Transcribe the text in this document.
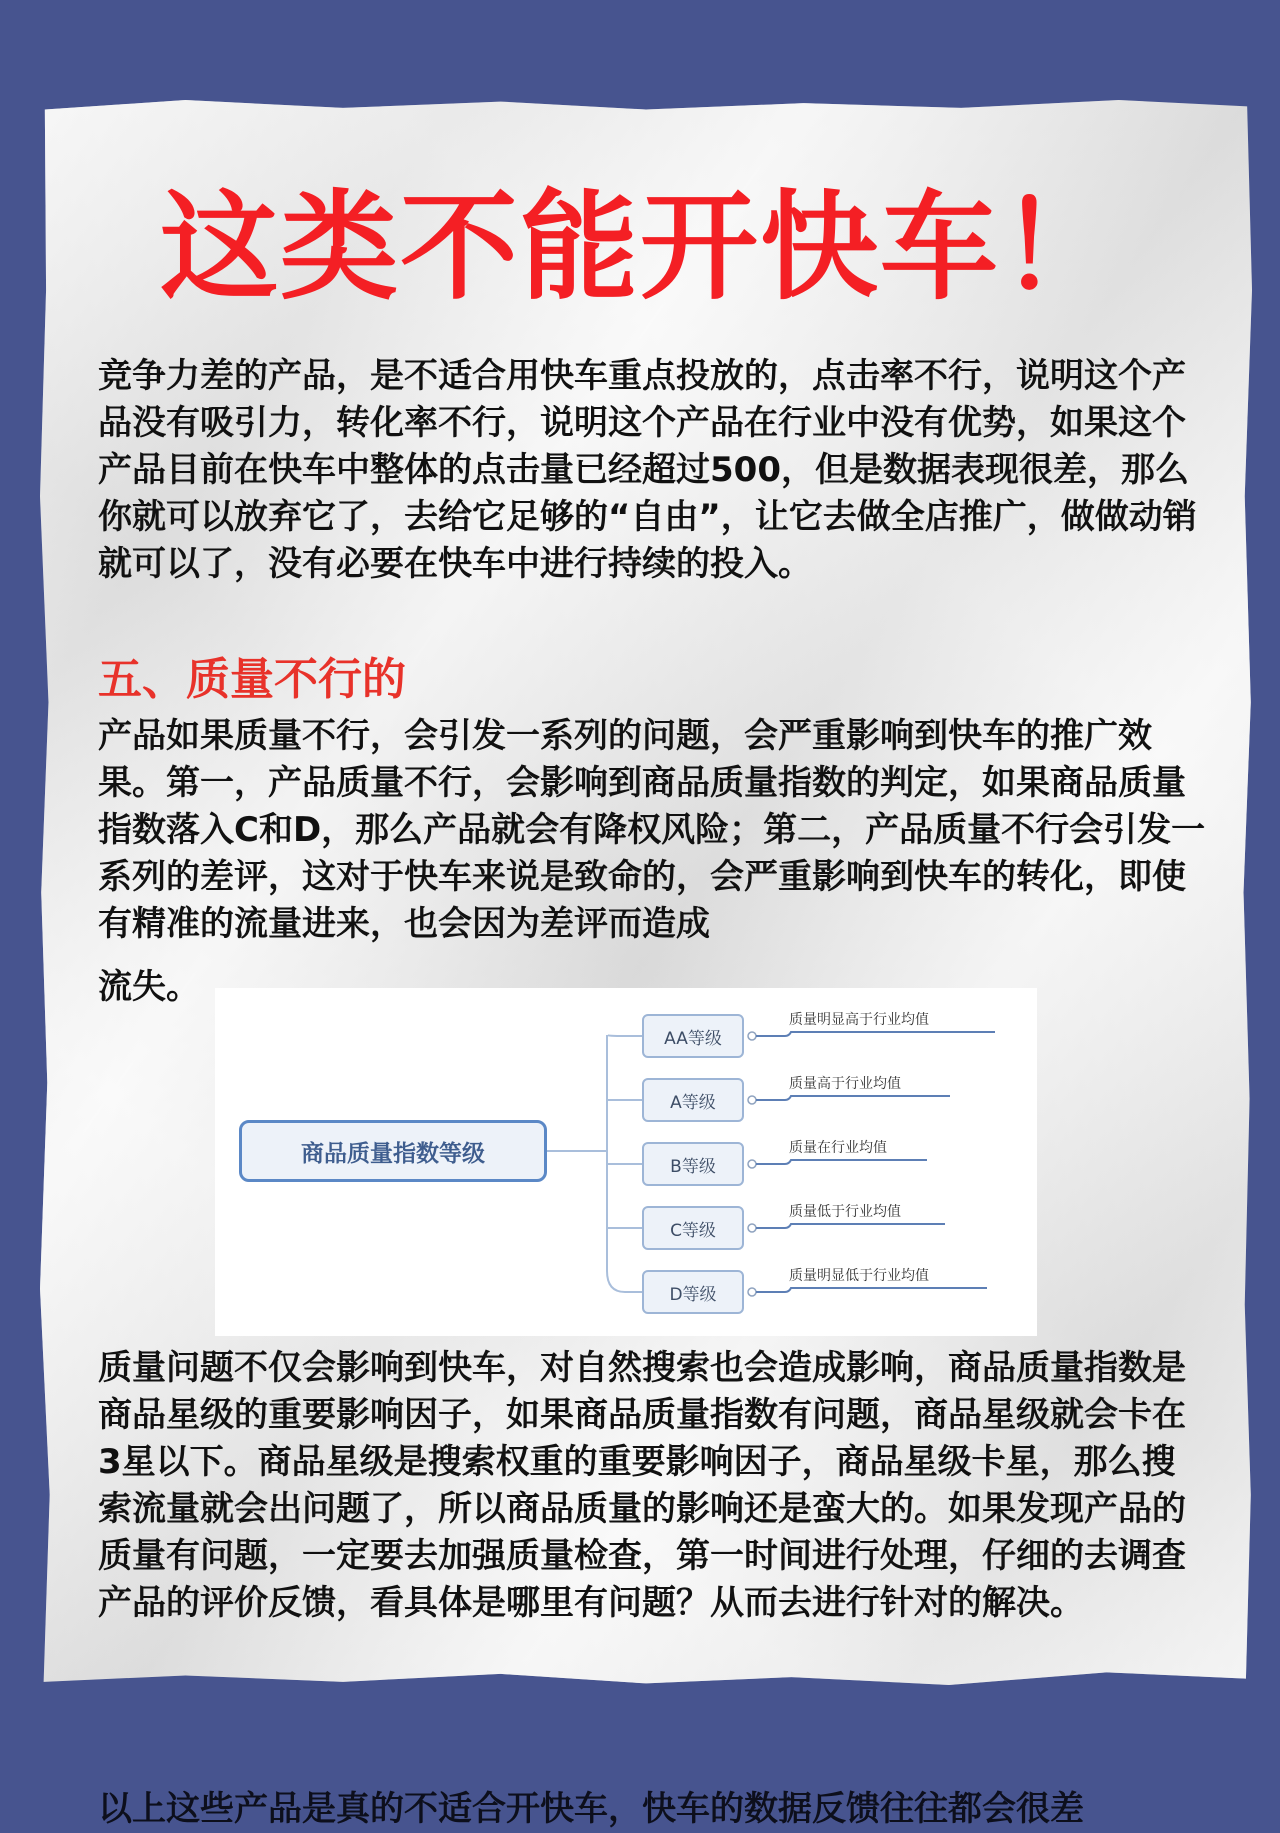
这类不能开快车！

竞争力差的产品，是不适合用快车重点投放的，点击率不行，说明这个产品没有吸引力，转化率不行，说明这个产品在行业中没有优势，如果这个产品目前在快车中整体的点击量已经超过500，但是数据表现很差，那么你就可以放弃它了，去给它足够的“自由”，让它去做全店推广，做做动销就可以了，没有必要在快车中进行持续的投入。

五、质量不行的

产品如果质量不行，会引发一系列的问题，会严重影响到快车的推广效果。第一，产品质量不行，会影响到商品质量指数的判定，如果商品质量指数落入C和D，那么产品就会有降权风险；第二，产品质量不行会引发一系列的差评，这对于快车来说是致命的，会严重影响到快车的转化，即使有精准的流量进来，也会因为差评而造成
流失。

商品质量指数等级
AA等级
A等级
B等级
C等级
D等级
质量明显高于行业均值
质量高于行业均值
质量在行业均值
质量低于行业均值
质量明显低于行业均值

质量问题不仅会影响到快车，对自然搜索也会造成影响，商品质量指数是商品星级的重要影响因子，如果商品质量指数有问题，商品星级就会卡在3星以下。商品星级是搜索权重的重要影响因子，商品星级卡星，那么搜索流量就会出问题了，所以商品质量的影响还是蛮大的。如果发现产品的质量有问题，一定要去加强质量检查，第一时间进行处理，仔细的去调查产品的评价反馈，看具体是哪里有问题？从而去进行针对的解决。

以上这些产品是真的不适合开快车，快车的数据反馈往往都会很差
